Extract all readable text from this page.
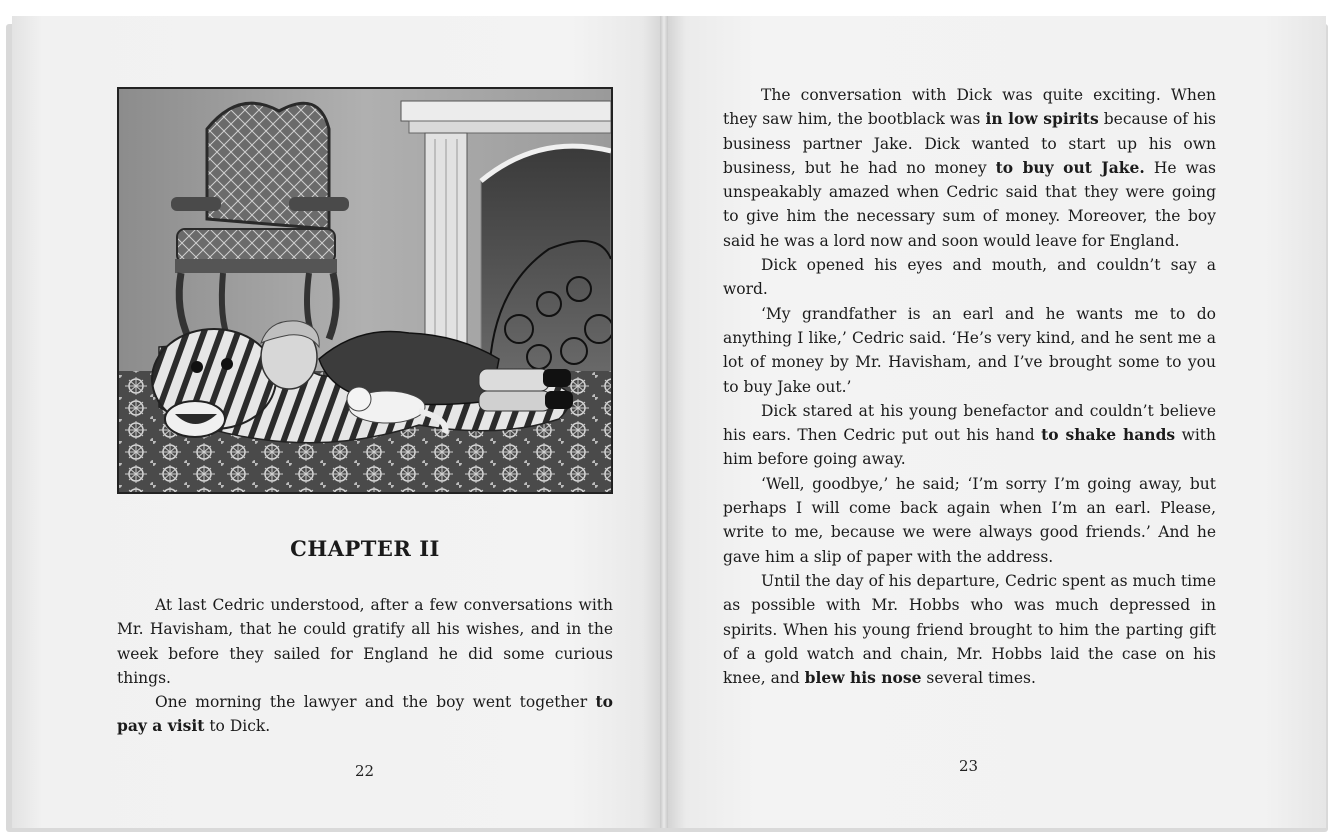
CHAPTER II

At last Cedric understood, after a few conversations with Mr. Havisham, that he could gratify all his wishes, and in the week before they sailed for England he did some curious things.

One morning the lawyer and the boy went together to pay a visit to Dick.

The conversation with Dick was quite exciting. When they saw him, the bootblack was in low spirits because of his business partner Jake. Dick wanted to start up his own business, but he had no money to buy out Jake. He was unspeakably amazed when Cedric said that they were going to give him the necessary sum of money. Moreover, the boy said he was a lord now and soon would leave for England.

Dick opened his eyes and mouth, and couldn’t say a word.

‘My grandfather is an earl and he wants me to do anything I like,’ Cedric said. ‘He’s very kind, and he sent me a lot of money by Mr. Havisham, and I’ve brought some to you to buy Jake out.’

Dick stared at his young benefactor and couldn’t believe his ears. Then Cedric put out his hand to shake hands with him before going away.

‘Well, goodbye,’ he said; ‘I’m sorry I’m going away, but perhaps I will come back again when I’m an earl. Please, write to me, because we were always good friends.’ And he gave him a slip of paper with the address.

Until the day of his departure, Cedric spent as much time as possible with Mr. Hobbs who was much depressed in spirits. When his young friend brought to him the parting gift of a gold watch and chain, Mr. Hobbs laid the case on his knee, and blew his nose several times.

22	23
